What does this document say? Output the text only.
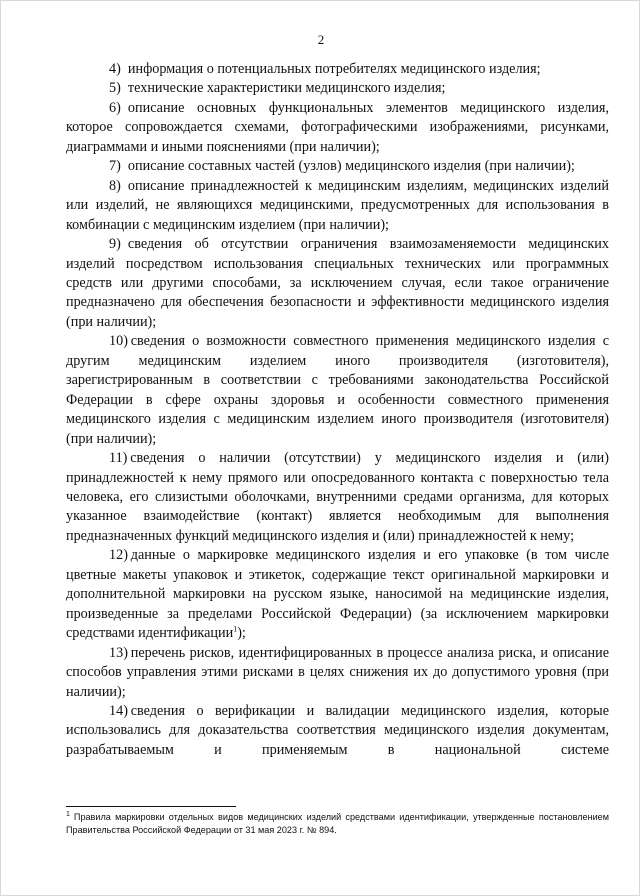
2

4) информация о потенциальных потребителях медицинского изделия;

5) технические характеристики медицинского изделия;

6) описание основных функциональных элементов медицинского изделия, которое сопровождается схемами, фотографическими изображениями, рисунками, диаграммами и иными пояснениями (при наличии);

7) описание составных частей (узлов) медицинского изделия (при наличии);

8) описание принадлежностей к медицинским изделиям, медицинских изделий или изделий, не являющихся медицинскими, предусмотренных для использования в комбинации с медицинским изделием (при наличии);

9) сведения об отсутствии ограничения взаимозаменяемости медицинских изделий посредством использования специальных технических или программных средств или другими способами, за исключением случая, если такое ограничение предназначено для обеспечения безопасности и эффективности медицинского изделия (при наличии);

10) сведения о возможности совместного применения медицинского изделия с другим медицинским изделием иного производителя (изготовителя), зарегистрированным в соответствии с требованиями законодательства Российской Федерации в сфере охраны здоровья и особенности совместного применения медицинского изделия с медицинским изделием иного производителя (изготовителя) (при наличии);

11) сведения о наличии (отсутствии) у медицинского изделия и (или) принадлежностей к нему прямого или опосредованного контакта с поверхностью тела человека, его слизистыми оболочками, внутренними средами организма, для которых указанное взаимодействие (контакт) является необходимым для выполнения предназначенных функций медицинского изделия и (или) принадлежностей к нему;

12) данные о маркировке медицинского изделия и его упаковке (в том числе цветные макеты упаковок и этикеток, содержащие текст оригинальной маркировки и дополнительной маркировки на русском языке, наносимой на медицинские изделия, произведенные за пределами Российской Федерации) (за исключением маркировки средствами идентификации$^1$);

13) перечень рисков, идентифицированных в процессе анализа риска, и описание способов управления этими рисками в целях снижения их до допустимого уровня (при наличии);

14) сведения о верификации и валидации медицинского изделия, которые использовались для доказательства соответствия медицинского изделия документам, разрабатываемым и применяемым в национальной системе

$^1$ Правила маркировки отдельных видов медицинских изделий средствами идентификации, утвержденные постановлением Правительства Российской Федерации от 31 мая 2023 г. № 894.
